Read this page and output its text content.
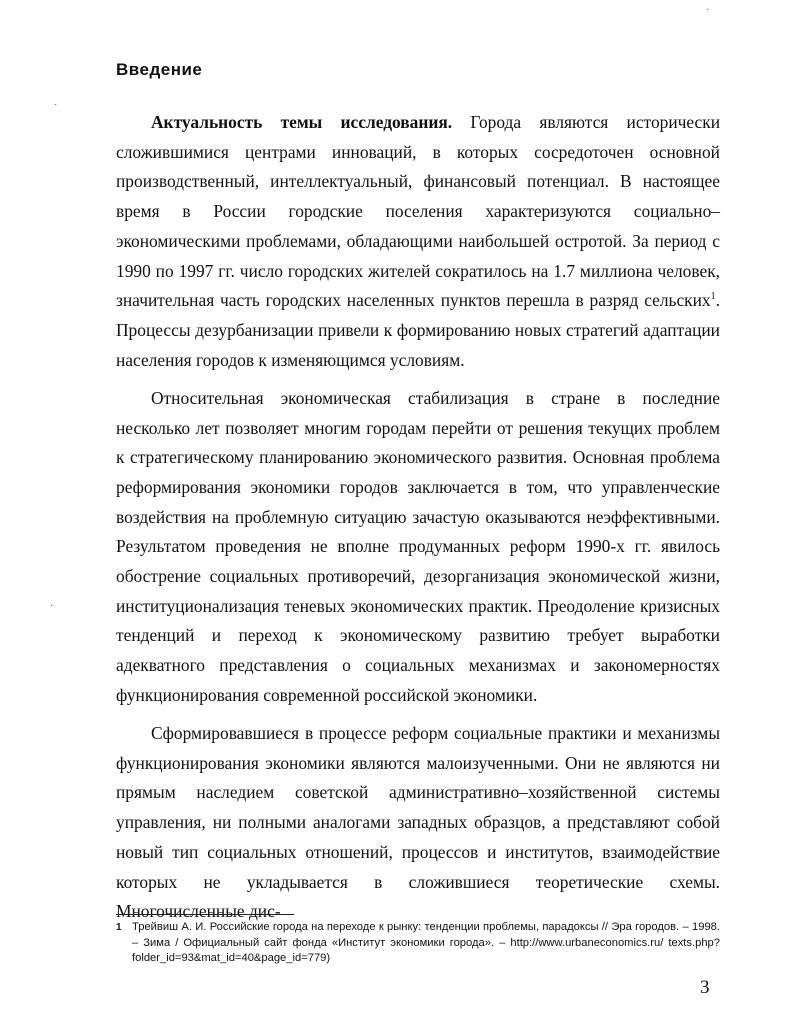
Введение

Актуальность темы исследования. Города являются исторически сложившимися центрами инноваций, в которых сосредоточен основной производственный, интеллектуальный, финансовый потенциал. В настоящее время в России городские поселения характеризуются социально–экономическими проблемами, обладающими наибольшей остротой. За период с 1990 по 1997 гг. число городских жителей сократилось на 1.7 миллиона человек, значительная часть городских населенных пунктов перешла в разряд сельских$^1$. Процессы дезурбанизации привели к формированию новых стратегий адаптации населения городов к изменяющимся условиям.

Относительная экономическая стабилизация в стране в последние несколько лет позволяет многим городам перейти от решения текущих проблем к стратегическому планированию экономического развития. Основная проблема реформирования экономики городов заключается в том, что управленческие воздействия на проблемную ситуацию зачастую оказываются неэффективными. Результатом проведения не вполне продуманных реформ 1990-х гг. явилось обострение социальных противоречий, дезорганизация экономической жизни, институционализация теневых экономических практик. Преодоление кризисных тенденций и переход к экономическому развитию требует выработки адекватного представления о социальных механизмах и закономерностях функционирования современной российской экономики.

Сформировавшиеся в процессе реформ социальные практики и механизмы функционирования экономики являются малоизученными. Они не являются ни прямым наследием советской административно–хозяйственной системы управления, ни полными аналогами западных образцов, а представляют собой новый тип социальных отношений, процессов и институтов, взаимодействие которых не укладывается в сложившиеся теоретические схемы. Многочисленные дис-

1 Трейвиш А. И. Российские города на переходе к рынку: тенденции проблемы, парадоксы // Эра городов. – 1998. – Зима / Официальный сайт фонда «Институт экономики города». – http://www.urbaneconomics.ru/ texts.php?folder_id=93&mat_id=40&page_id=779)
3
˙
·
·
